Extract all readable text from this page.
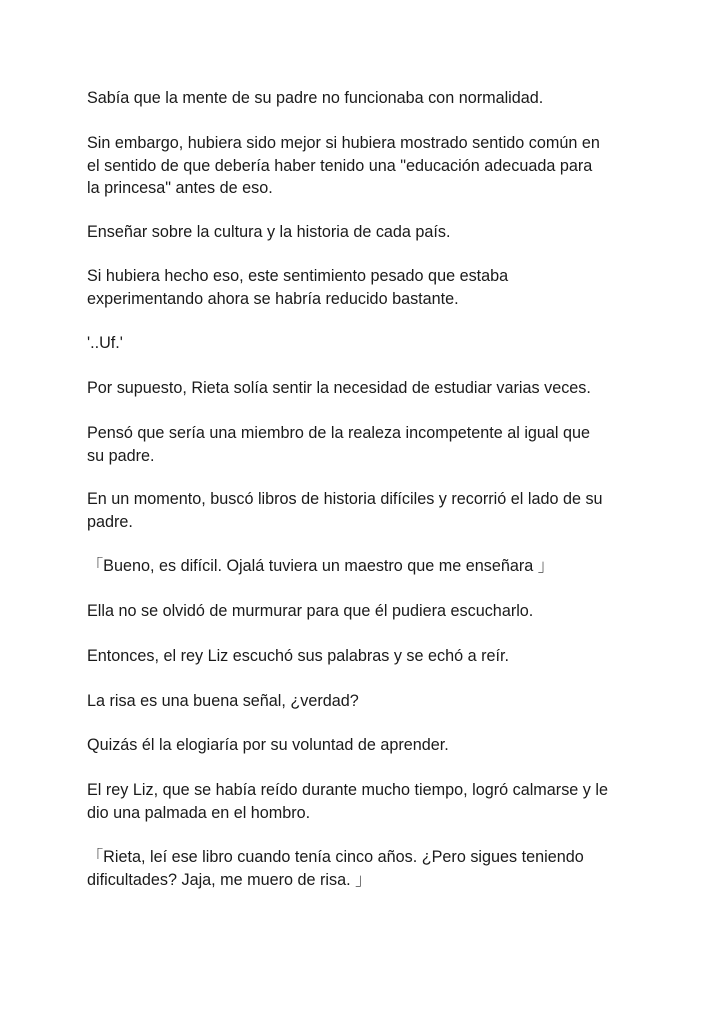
Sabía que la mente de su padre no funcionaba con normalidad.

Sin embargo, hubiera sido mejor si hubiera mostrado sentido común en
el sentido de que debería haber tenido una "educación adecuada para
la princesa" antes de eso.

Enseñar sobre la cultura y la historia de cada país.

Si hubiera hecho eso, este sentimiento pesado que estaba
experimentando ahora se habría reducido bastante.

'..Uf.'

Por supuesto, Rieta solía sentir la necesidad de estudiar varias veces.

Pensó que sería una miembro de la realeza incompetente al igual que
su padre.

En un momento, buscó libros de historia difíciles y recorrió el lado de su
padre.

「Bueno, es difícil. Ojalá tuviera un maestro que me enseñara 」

Ella no se olvidó de murmurar para que él pudiera escucharlo.

Entonces, el rey Liz escuchó sus palabras y se echó a reír.

La risa es una buena señal, ¿verdad?

Quizás él la elogiaría por su voluntad de aprender.

El rey Liz, que se había reído durante mucho tiempo, logró calmarse y le
dio una palmada en el hombro.

「Rieta, leí ese libro cuando tenía cinco años. ¿Pero sigues teniendo
dificultades? Jaja, me muero de risa. 」
